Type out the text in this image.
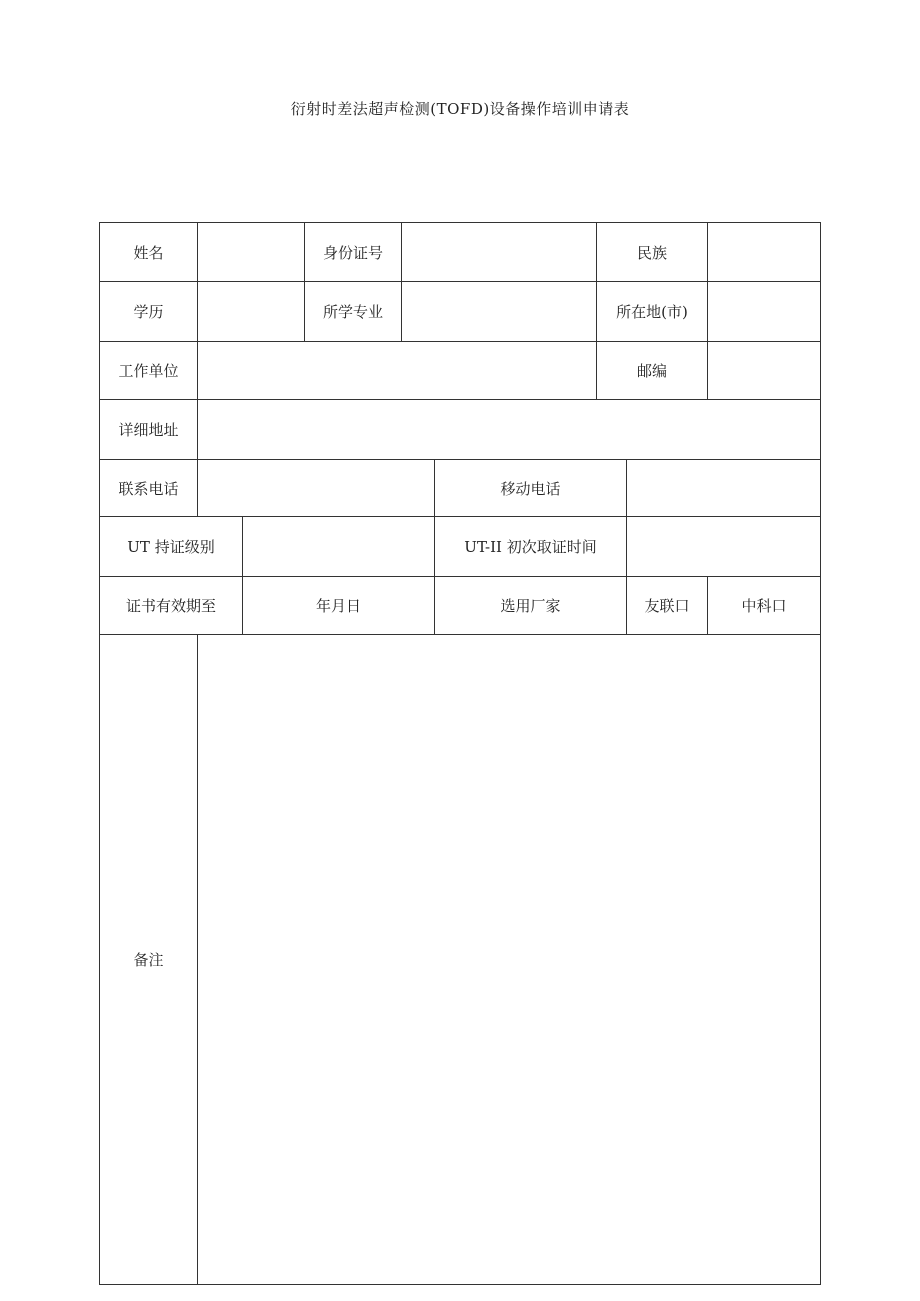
衍射时差法超声检测(TOFD)设备操作培训申请表
姓名	身份证号	民族
学历	所学专业	所在地(市)
工作单位	邮编
详细地址
联系电话	移动电话
UT 持证级别	UT-II 初次取证时间
证书有效期至	年月日	选用厂家	友联口	中科口
备注
